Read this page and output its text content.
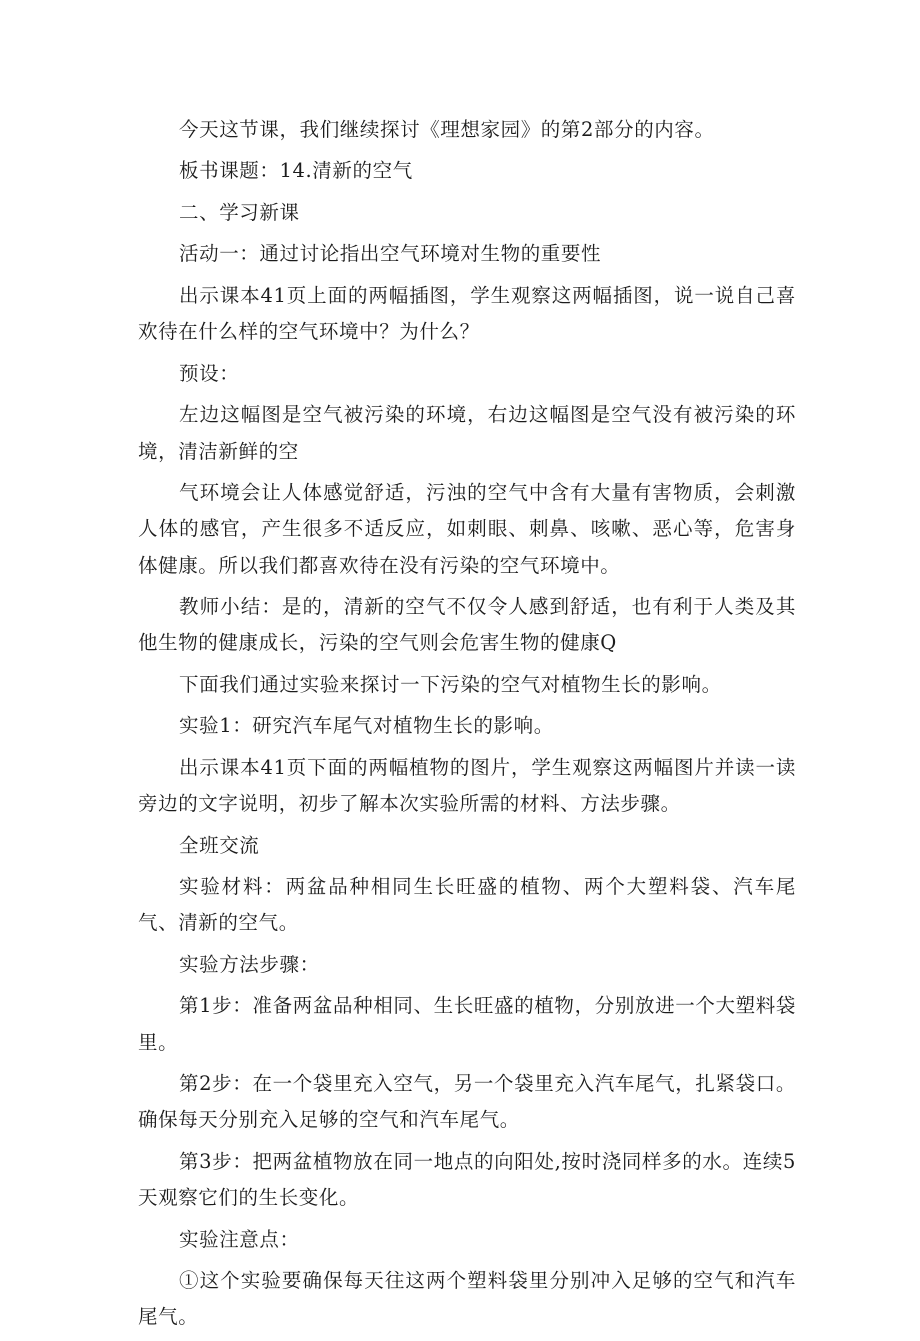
今天这节课，我们继续探讨《理想家园》的第2部分的内容。

板书课题：14.清新的空气

二、学习新课

活动一：通过讨论指出空气环境对生物的重要性

出示课本41页上面的两幅插图，学生观察这两幅插图，说一说自己喜欢待在什么样的空气环境中？为什么？

预设：

左边这幅图是空气被污染的环境，右边这幅图是空气没有被污染的环境，清洁新鲜的空

气环境会让人体感觉舒适，污浊的空气中含有大量有害物质，会刺激人体的感官，产生很多不适反应，如刺眼、刺鼻、咳嗽、恶心等，危害身体健康。所以我们都喜欢待在没有污染的空气环境中。

教师小结：是的，清新的空气不仅令人感到舒适，也有利于人类及其他生物的健康成长，污染的空气则会危害生物的健康Q

下面我们通过实验来探讨一下污染的空气对植物生长的影响。

实验1：研究汽车尾气对植物生长的影响。

出示课本41页下面的两幅植物的图片，学生观察这两幅图片并读一读旁边的文字说明，初步了解本次实验所需的材料、方法步骤。

全班交流

实验材料：两盆品种相同生长旺盛的植物、两个大塑料袋、汽车尾气、清新的空气。

实验方法步骤：

第1步：准备两盆品种相同、生长旺盛的植物，分别放进一个大塑料袋里。

第2步：在一个袋里充入空气，另一个袋里充入汽车尾气，扎紧袋口。确保每天分别充入足够的空气和汽车尾气。

第3步：把两盆植物放在同一地点的向阳处,按时浇同样多的水。连续5天观察它们的生长变化。

实验注意点：

①这个实验要确保每天往这两个塑料袋里分别冲入足够的空气和汽车尾气。
